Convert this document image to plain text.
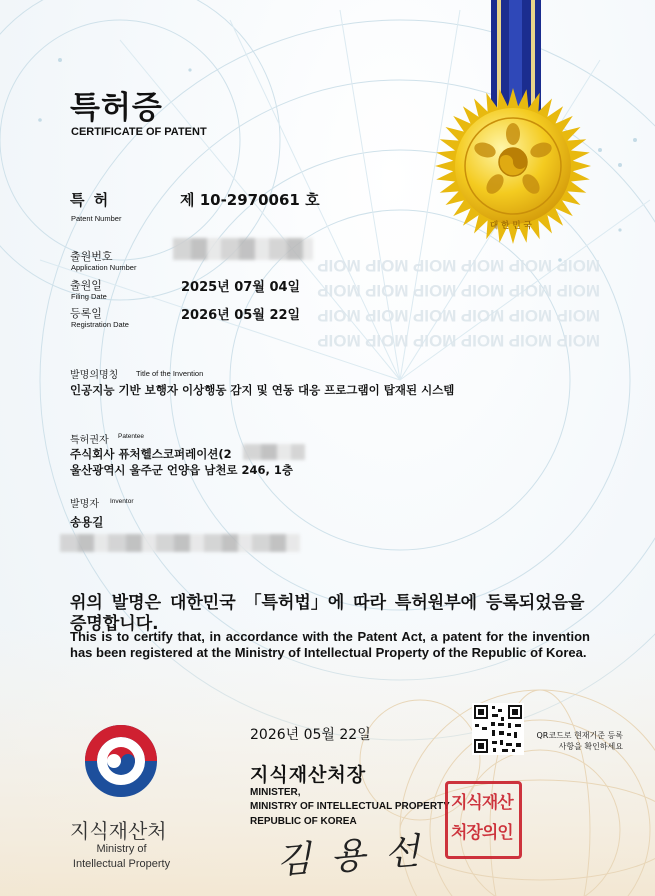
MOIP MOIP MOIP MOIP MOIP MOIP
MOIP MOIP MOIP MOIP MOIP MOIP
MOIP MOIP MOIP MOIP MOIP MOIP
MOIP MOIP MOIP MOIP MOIP MOIP
대 한 민 국
특허증
CERTIFICATE OF PATENT
특 허
Patent Number
제 10-2970061 호
출원번호
Application Number
출원일
Filing Date
2025년 07월 04일
등록일
Registration Date
2026년 05월 22일
발명의명칭 Title of the Invention
인공지능 기반 보행자 이상행동 감지 및 연동 대응 프로그램이 탑재된 시스템
특허권자 Patentee
주식회사 퓨처헬스코퍼레이션(2
울산광역시 울주군 언양읍 남천로 246, 1층
발명자 Inventor
송용길
위의 발명은 대한민국 「특허법」에 따라 특허원부에 등록되었음을 증명합니다.
This is to certify that, in accordance with the Patent Act, a patent for the invention has been registered at the Ministry of Intellectual Property of the Republic of Korea.
2026년 05월 22일	QR코드로 현재기준 등록사항을 확인하세요
지식재산처장
MINISTER,
MINISTRY OF INTELLECTUAL PROPERTY
REPUBLIC OF KOREA
김 용 선
지식재산
처장의인
지식재산처
Ministry of
Intellectual Property
